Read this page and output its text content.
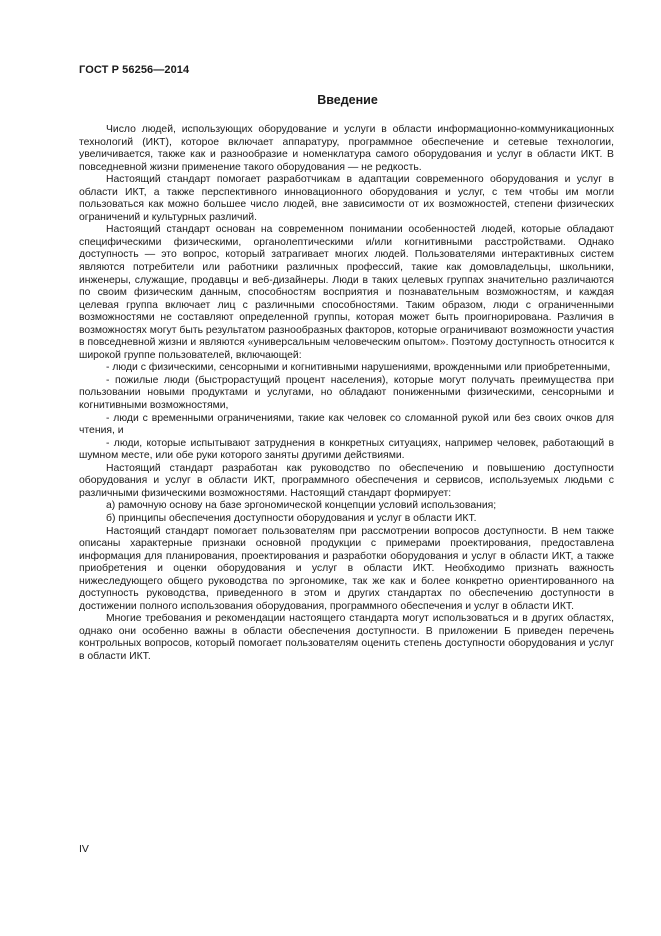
ГОСТ Р 56256—2014
Введение

Число людей, использующих оборудование и услуги в области информационно-коммуникационных технологий (ИКТ), которое включает аппаратуру, программное обеспечение и сетевые технологии, увеличивается, также как и разнообразие и номенклатура самого оборудования и услуг в области ИКТ. В повседневной жизни применение такого оборудования — не редкость.

Настоящий стандарт помогает разработчикам в адаптации современного оборудования и услуг в области ИКТ, а также перспективного инновационного оборудования и услуг, с тем чтобы им могли пользоваться как можно большее число людей, вне зависимости от их возможностей, степени физических ограничений и культурных различий.

Настоящий стандарт основан на современном понимании особенностей людей, которые обладают специфическими физическими, органолептическими и/или когнитивными расстройствами. Однако доступность — это вопрос, который затрагивает многих людей. Пользователями интерактивных систем являются потребители или работники различных профессий, такие как домовладельцы, школьники, инженеры, служащие, продавцы и веб-дизайнеры. Люди в таких целевых группах значительно различаются по своим физическим данным, способностям восприятия и познавательным возможностям, и каждая целевая группа включает лиц с различными способностями. Таким образом, люди с ограниченными возможностями не составляют определенной группы, которая может быть проигнорирована. Различия в возможностях могут быть результатом разнообразных факторов, которые ограничивают возможности участия в повседневной жизни и являются «универсальным человеческим опытом». Поэтому доступность относится к широкой группе пользователей, включающей:

- люди с физическими, сенсорными и когнитивными нарушениями, врожденными или приобретенными,

- пожилые люди (быстрорастущий процент населения), которые могут получать преимущества при пользовании новыми продуктами и услугами, но обладают пониженными физическими, сенсорными и когнитивными возможностями,

- люди с временными ограничениями, такие как человек со сломанной рукой или без своих очков для чтения, и

- люди, которые испытывают затруднения в конкретных ситуациях, например человек, работающий в шумном месте, или обе руки которого заняты другими действиями.

Настоящий стандарт разработан как руководство по обеспечению и повышению доступности оборудования и услуг в области ИКТ, программного обеспечения и сервисов, используемых людьми с различными физическими возможностями. Настоящий стандарт формирует:

а) рамочную основу на базе эргономической концепции условий использования;

б) принципы обеспечения доступности оборудования и услуг в области ИКТ.

Настоящий стандарт помогает пользователям при рассмотрении вопросов доступности. В нем также описаны характерные признаки основной продукции с примерами проектирования, предоставлена информация для планирования, проектирования и разработки оборудования и услуг в области ИКТ, а также приобретения и оценки оборудования и услуг в области ИКТ. Необходимо признать важность нижеследующего общего руководства по эргономике, так же как и более конкретно ориентированного на доступность руководства, приведенного в этом и других стандартах по обеспечению доступности в достижении полного использования оборудования, программного обеспечения и услуг в области ИКТ.

Многие требования и рекомендации настоящего стандарта могут использоваться и в других областях, однако они особенно важны в области обеспечения доступности. В приложении Б приведен перечень контрольных вопросов, который помогает пользователям оценить степень доступности оборудования и услуг в области ИКТ.

IV
